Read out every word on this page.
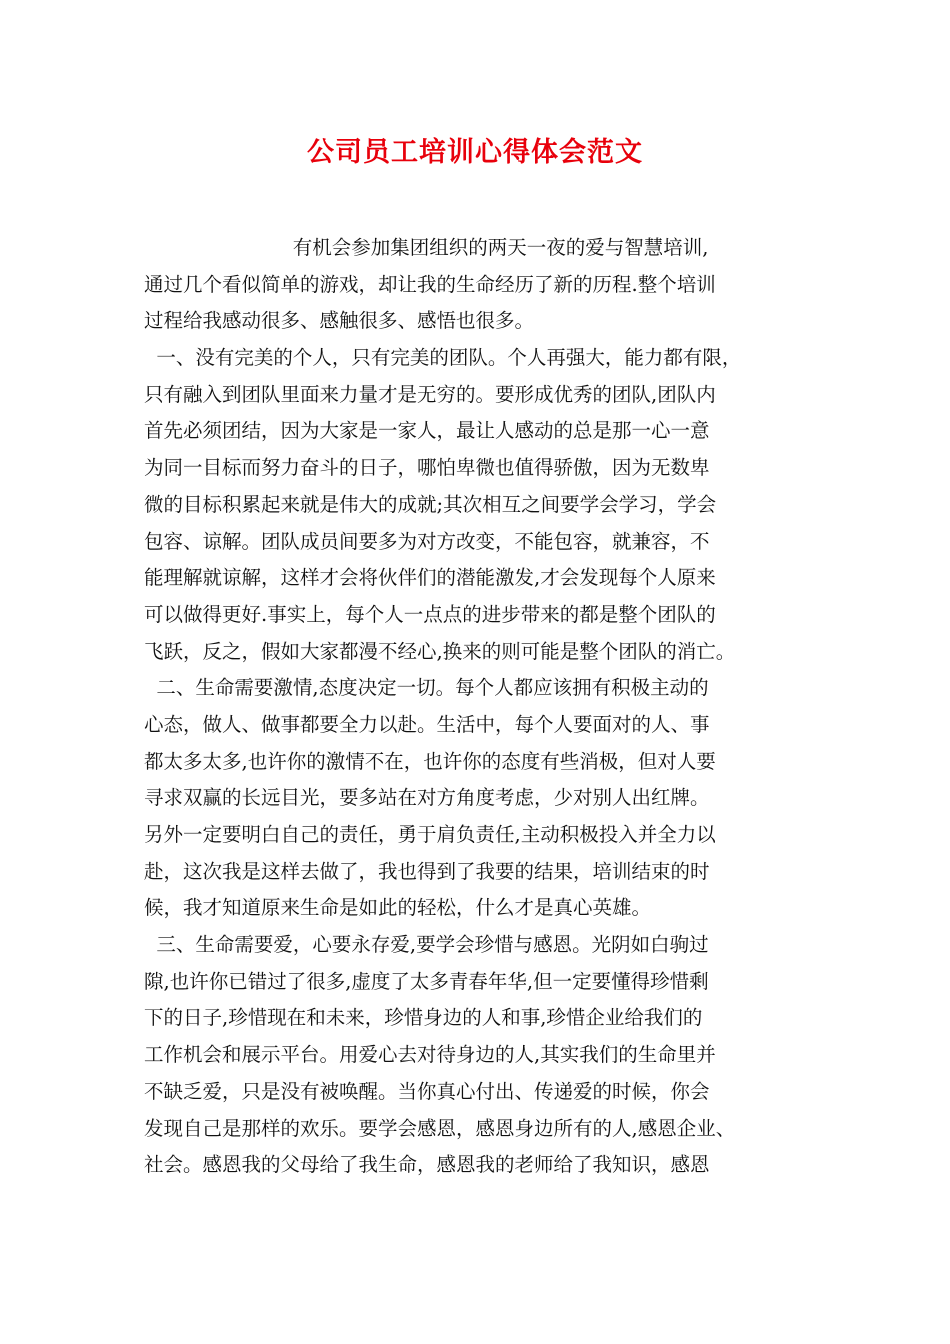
公司员工培训心得体会范文
有机会参加集团组织的两天一夜的爱与智慧培训,
通过几个看似简单的游戏，却让我的生命经历了新的历程.整个培训
过程给我感动很多、感触很多、感悟也很多。
一、没有完美的个人，只有完美的团队。个人再强大，能力都有限，
只有融入到团队里面来力量才是无穷的。要形成优秀的团队,团队内
首先必须团结，因为大家是一家人，最让人感动的总是那一心一意
为同一目标而努力奋斗的日子，哪怕卑微也值得骄傲，因为无数卑
微的目标积累起来就是伟大的成就;其次相互之间要学会学习，学会
包容、谅解。团队成员间要多为对方改变，不能包容，就兼容，不
能理解就谅解，这样才会将伙伴们的潜能激发,才会发现每个人原来
可以做得更好.事实上，每个人一点点的进步带来的都是整个团队的
飞跃，反之，假如大家都漫不经心,换来的则可能是整个团队的消亡。
二、生命需要激情,态度决定一切。每个人都应该拥有积极主动的
心态，做人、做事都要全力以赴。生活中，每个人要面对的人、事
都太多太多,也许你的激情不在，也许你的态度有些消极，但对人要
寻求双赢的长远目光，要多站在对方角度考虑，少对别人出红牌。
另外一定要明白自己的责任，勇于肩负责任,主动积极投入并全力以
赴，这次我是这样去做了，我也得到了我要的结果，培训结束的时
候，我才知道原来生命是如此的轻松，什么才是真心英雄。
三、生命需要爱，心要永存爱,要学会珍惜与感恩。光阴如白驹过
隙,也许你已错过了很多,虚度了太多青春年华,但一定要懂得珍惜剩
下的日子,珍惜现在和未来，珍惜身边的人和事,珍惜企业给我们的
工作机会和展示平台。用爱心去对待身边的人,其实我们的生命里并
不缺乏爱，只是没有被唤醒。当你真心付出、传递爱的时候，你会
发现自己是那样的欢乐。要学会感恩，感恩身边所有的人,感恩企业、
社会。感恩我的父母给了我生命，感恩我的老师给了我知识，感恩
